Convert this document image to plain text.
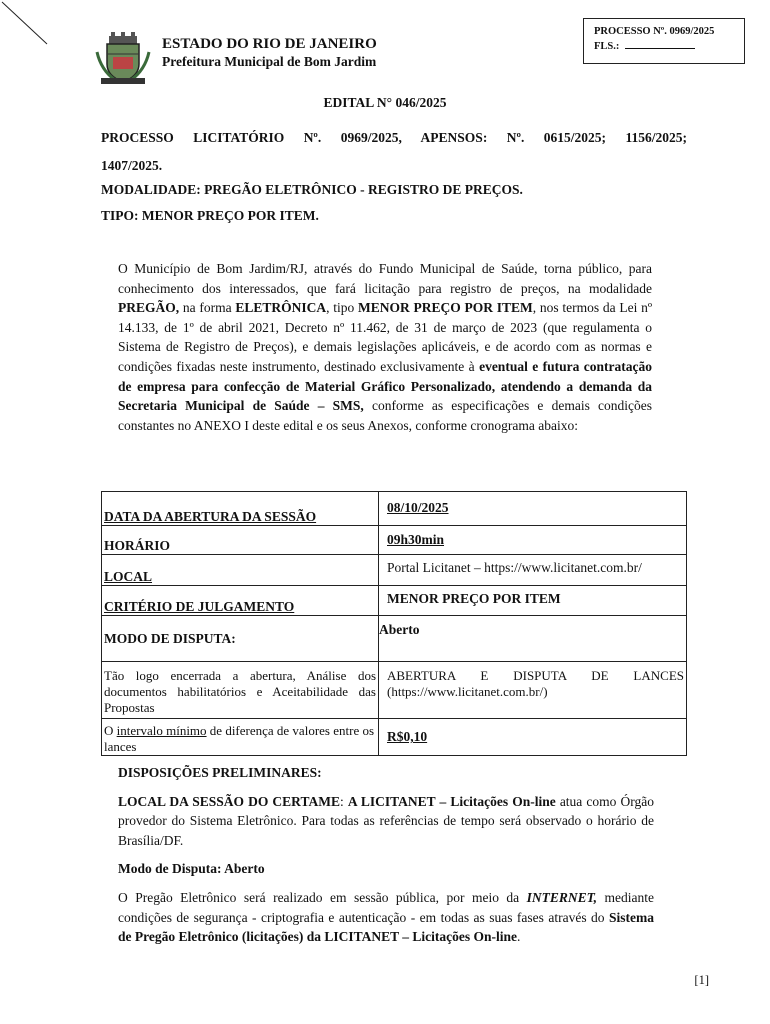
ESTADO DO RIO DE JANEIRO
Prefeitura Municipal de Bom Jardim
PROCESSO Nº. 0969/2025
FLS.:
EDITAL N° 046/2025

PROCESSO LICITATÓRIO Nº. 0969/2025, APENSOS: Nº. 0615/2025; 1156/2025;

1407/2025.

MODALIDADE: PREGÃO ELETRÔNICO - REGISTRO DE PREÇOS.

TIPO: MENOR PREÇO POR ITEM.

O Município de Bom Jardim/RJ, através do Fundo Municipal de Saúde, torna público, para conhecimento dos interessados, que fará licitação para registro de preços, na modalidade PREGÃO, na forma ELETRÔNICA, tipo MENOR PREÇO POR ITEM, nos termos da Lei nº 14.133, de 1º de abril 2021, Decreto nº 11.462, de 31 de março de 2023 (que regulamenta o Sistema de Registro de Preços), e demais legislações aplicáveis, e de acordo com as normas e condições fixadas neste instrumento, destinado exclusivamente à eventual e futura contratação de empresa para confecção de Material Gráfico Personalizado, atendendo a demanda da Secretaria Municipal de Saúde – SMS, conforme as especificações e demais condições constantes no ANEXO I deste edital e os seus Anexos, conforme cronograma abaixo:

DATA DA ABERTURA DA SESSÃO	08/10/2025
HORÁRIO	09h30min
LOCAL	Portal Licitanet – https://www.licitanet.com.br/
CRITÉRIO DE JULGAMENTO	MENOR PREÇO POR ITEM
MODO DE DISPUTA:	Aberto
Tão logo encerrada a abertura, Análise dos documentos habilitatórios e Aceitabilidade das Propostas	ABERTURA E DISPUTA DE LANCES (https://www.licitanet.com.br/)
O intervalo mínimo de diferença de valores entre os lances	R$0,10

DISPOSIÇÕES PRELIMINARES:

LOCAL DA SESSÃO DO CERTAME: A LICITANET – Licitações On-line atua como Órgão provedor do Sistema Eletrônico. Para todas as referências de tempo será observado o horário de Brasília/DF.

Modo de Disputa: Aberto

O Pregão Eletrônico será realizado em sessão pública, por meio da INTERNET, mediante condições de segurança - criptografia e autenticação - em todas as suas fases através do Sistema de Pregão Eletrônico (licitações) da LICITANET – Licitações On-line.

[1]
